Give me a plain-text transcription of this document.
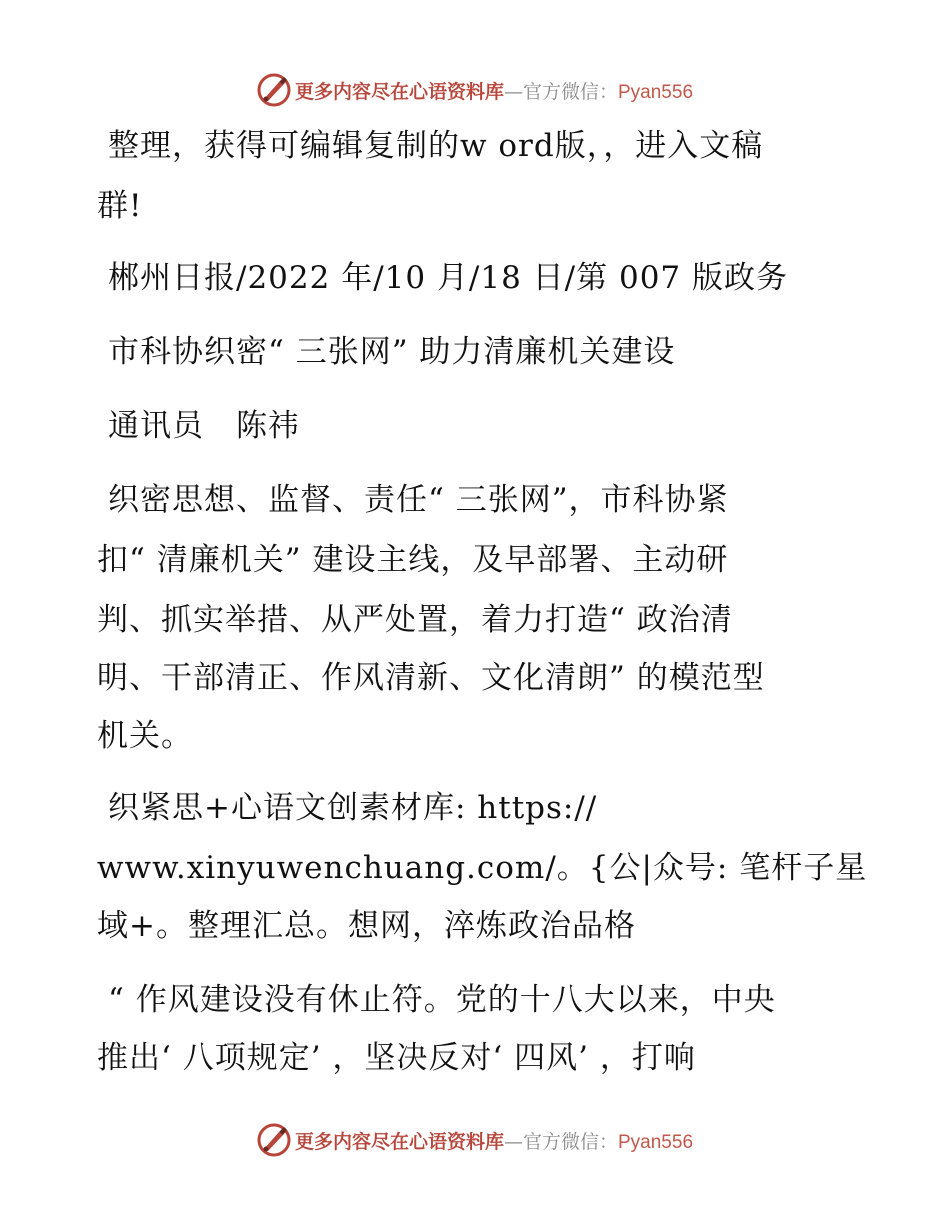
更多内容尽在心语资料库—官方微信：Pyan556
整理，获得可编辑复制的w ord版，，进入文稿
群!
郴州日报/2022 年/10 月/18 日/第 007 版政务
市科协织密“ 三张网” 助力清廉机关建设
通讯员　陈祎
织密思想、监督、责任“ 三张网”，市科协紧
扣“ 清廉机关” 建设主线，及早部署、主动研
判、抓实举措、从严处置，着力打造“ 政治清
明、干部清正、作风清新、文化清朗” 的模范型
机关。
织紧思+心语文创素材库: https://
www.xinyuwenchuang.com/。{公|众号: 笔杆子星
域+。整理汇总。想网，淬炼政治品格
“ 作风建设没有休止符。党的十八大以来，中央
推出‘ 八项规定’ ，坚决反对‘ 四风’ ，打响
更多内容尽在心语资料库—官方微信：Pyan556
